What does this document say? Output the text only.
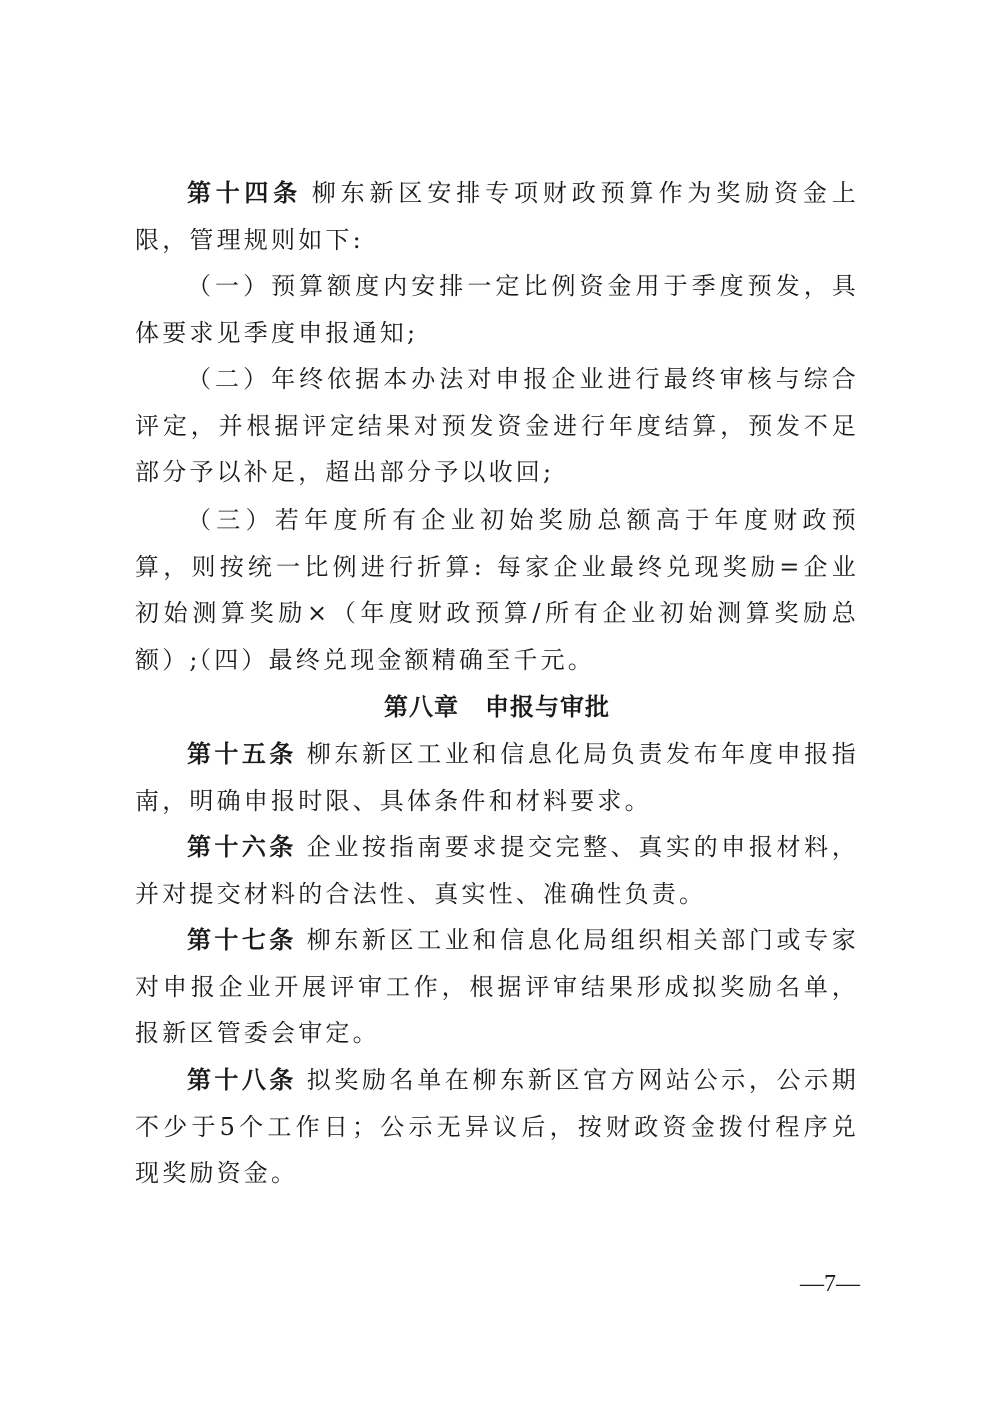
第十四条 柳东新区安排专项财政预算作为奖励资金上限，管理规则如下:

（一）预算额度内安排一定比例资金用于季度预发，具体要求见季度申报通知;

（二）年终依据本办法对申报企业进行最终审核与综合评定，并根据评定结果对预发资金进行年度结算，预发不足部分予以补足，超出部分予以收回;

（三）若年度所有企业初始奖励总额高于年度财政预算，则按统一比例进行折算: 每家企业最终兑现奖励=企业初始测算奖励×（年度财政预算/所有企业初始测算奖励总额）;

（四）最终兑现金额精确至千元。

第八章 申报与审批

第十五条 柳东新区工业和信息化局负责发布年度申报指南，明确申报时限、具体条件和材料要求。

第十六条 企业按指南要求提交完整、真实的申报材料，并对提交材料的合法性、真实性、准确性负责。

第十七条 柳东新区工业和信息化局组织相关部门或专家对申报企业开展评审工作，根据评审结果形成拟奖励名单，报新区管委会审定。

第十八条 拟奖励名单在柳东新区官方网站公示，公示期不少于5个工作日；公示无异议后，按财政资金拨付程序兑现奖励资金。

—7—
